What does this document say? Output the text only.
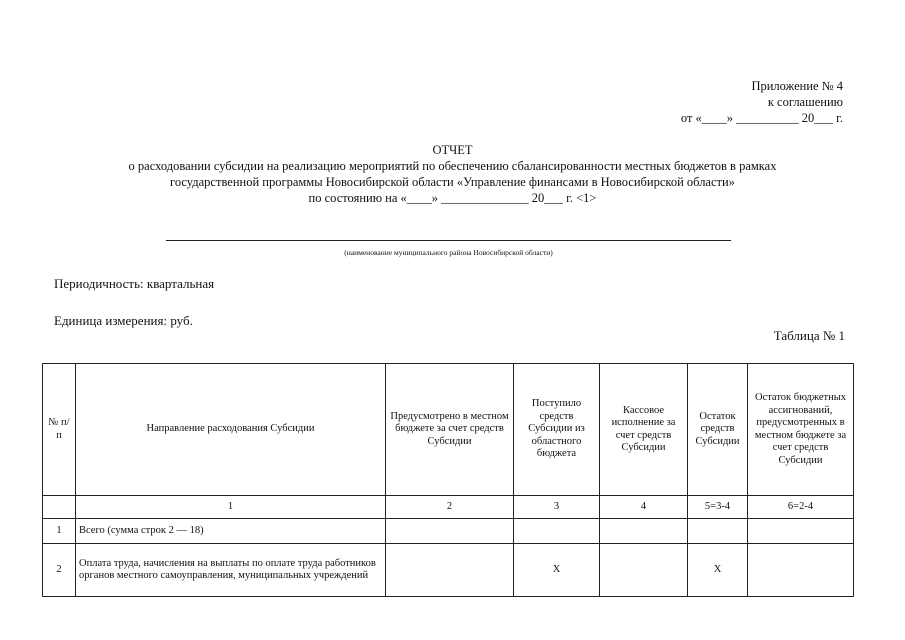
Приложение № 4
к соглашению
от «____» __________ 20___ г.
ОТЧЕТ
о расходовании субсидии на реализацию мероприятий по обеспечению сбалансированности местных бюджетов в рамках
государственной программы Новосибирской области «Управление финансами в Новосибирской области»
по состоянию на «____» ______________ 20___ г. <1>
(наименование муниципального района Новосибирской области)
Периодичность: квартальная
Единица измерения: руб.
Таблица № 1
№ п/п	Направление расходования Субсидии	Предусмотрено в местном бюджете за счет средств Субсидии	Поступило средств Субсидии из областного бюджета	Кассовое исполнение за счет средств Субсидии	Остаток средств Субсидии	Остаток бюджетных ассигнований, предусмотренных в местном бюджете за счет средств Субсидии
	1	2	3	4	5=3-4	6=2-4
1	Всего (сумма строк 2 — 18)					
2	Оплата труда, начисления на выплаты по оплате труда работников органов местного самоуправления, муниципальных учреждений		Х		Х	
